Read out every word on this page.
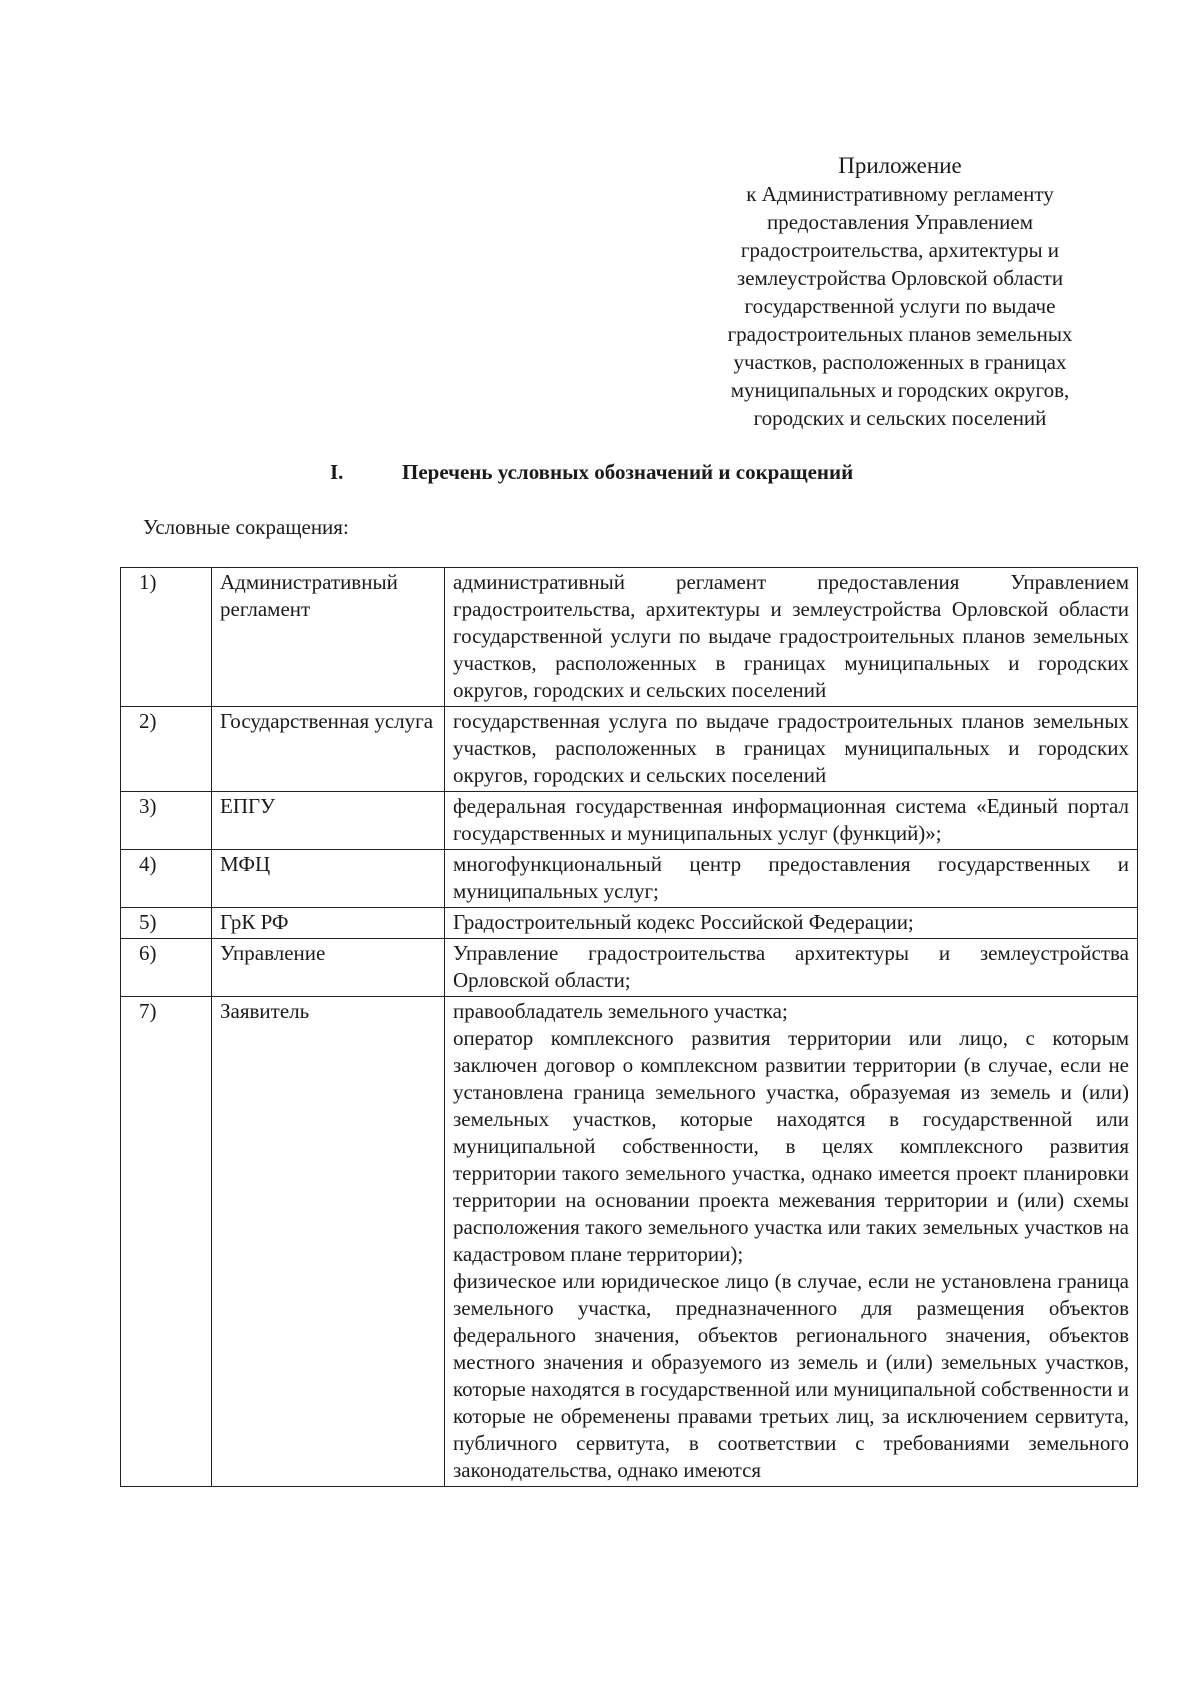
Приложение
к Административному регламенту
предоставления Управлением
градостроительства, архитектуры и
землеустройства Орловской области
государственной услуги по выдаче
градостроительных планов земельных
участков, расположенных в границах
муниципальных и городских округов,
городских и сельских поселений
I.	Перечень условных обозначений и сокращений
Условные сокращения:
1)	Административный регламент	административный регламент предоставления Управлением градостроительства, архитектуры и землеустройства Орловской области государственной услуги по выдаче градостроительных планов земельных участков, расположенных в границах муниципальных и городских округов, городских и сельских поселений

2)	Государственная услуга	государственная услуга по выдаче градостроительных планов земельных участков, расположенных в границах муниципальных и городских округов, городских и сельских поселений

3)	ЕПГУ	федеральная государственная информационная система «Единый портал государственных и муниципальных услуг (функций)»;

4)	МФЦ	многофункциональный центр предоставления государственных и муниципальных услуг;

5)	ГрК РФ	Градостроительный кодекс Российской Федерации;

6)	Управление	Управление градостроительства архитектуры и землеустройства Орловской области;

7)	Заявитель	правообладатель земельного участка;
оператор комплексного развития территории или лицо, с которым заключен договор о комплексном развитии территории (в случае, если не установлена граница земельного участка, образуемая из земель и (или) земельных участков, которые находятся в государственной или муниципальной собственности, в целях комплексного развития территории такого земельного участка, однако имеется проект планировки территории на основании проекта межевания территории и (или) схемы расположения такого земельного участка или таких земельных участков на кадастровом плане территории);
физическое или юридическое лицо (в случае, если не установлена граница земельного участка, предназначенного для размещения объектов федерального значения, объектов регионального значения, объектов местного значения и образуемого из земель и (или) земельных участков, которые находятся в государственной или муниципальной собственности и которые не обременены правами третьих лиц, за исключением сервитута, публичного сервитута, в соответствии с требованиями земельного законодательства, однако имеются
